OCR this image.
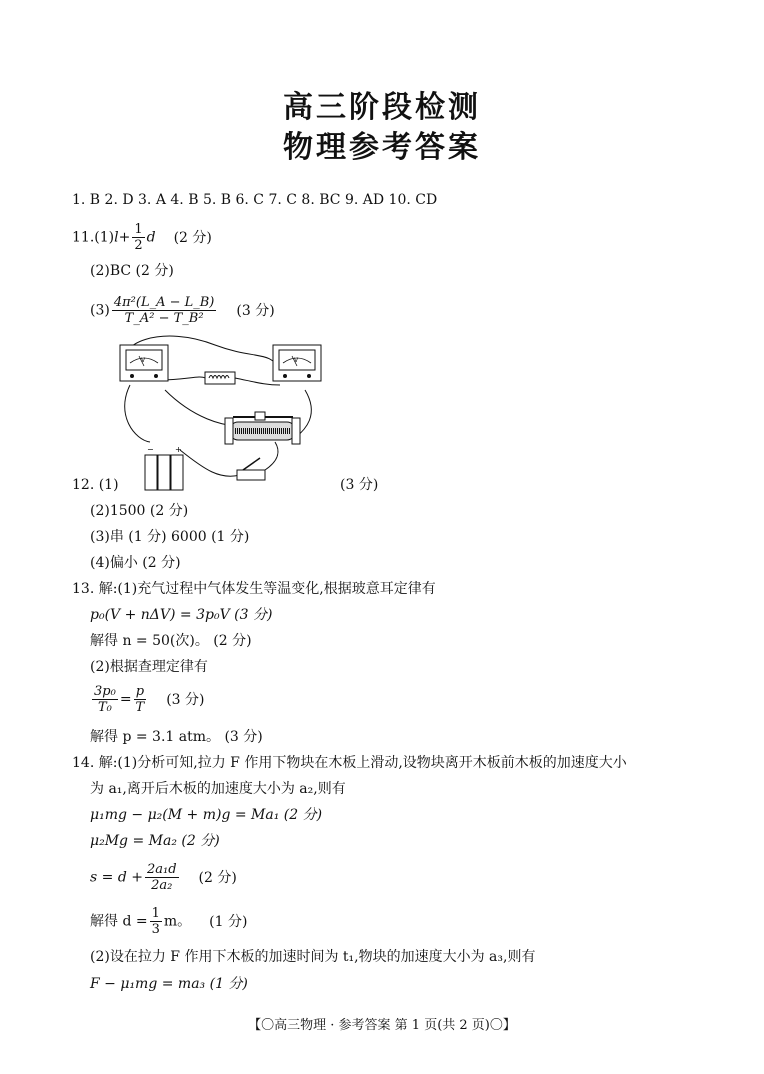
高三阶段检测
物理参考答案
1. B 2. D 3. A 4. B 5. B 6. C 7. C 8. BC 9. AD 10. CD
$11.(1)l+ \frac{1}{2}$ d (2 分)
(2)BC (2 分)
$(3) \frac{\text{4π²(L\_A − L\_B)}}{\text{T\_A² − T\_B²}} (3$ 分)
V	V
−	+
12. (1)	(3 分)
(2)1500 (2 分)
(3)串 (1 分) 6000 (1 分)
(4)偏小 (2 分)
13. 解:(1)充气过程中气体发生等温变化,根据玻意耳定律有
p₀(V + nΔV) = 3p₀V (3 分)
解得 n = 50(次)。 (2 分)
(2)根据查理定律有
$\frac{\text{3p₀}}{\text{T₀}} = \frac{p}{T} (3$ 分)
解得 p = 3.1 atm。 (3 分)
14. 解:(1)分析可知,拉力 F 作用下物块在木板上滑动,设物块离开木板前木板的加速度大小
为 a₁,离开后木板的加速度大小为 a₂,则有
μ₁mg − μ₂(M + m)g = Ma₁ (2 分)
μ₂Mg = Ma₂ (2 分)
$s = d + \frac{\text{2a₁d}}{\text{2a₂}} (2$ 分)
解得 $d = \frac{1}{3}$ m。 (1 分)
(2)设在拉力 F 作用下木板的加速时间为 t₁,物块的加速度大小为 a₃,则有
F − μ₁mg = ma₃ (1 分)
【〇高三物理 · 参考答案 第 1 页(共 2 页)〇】
